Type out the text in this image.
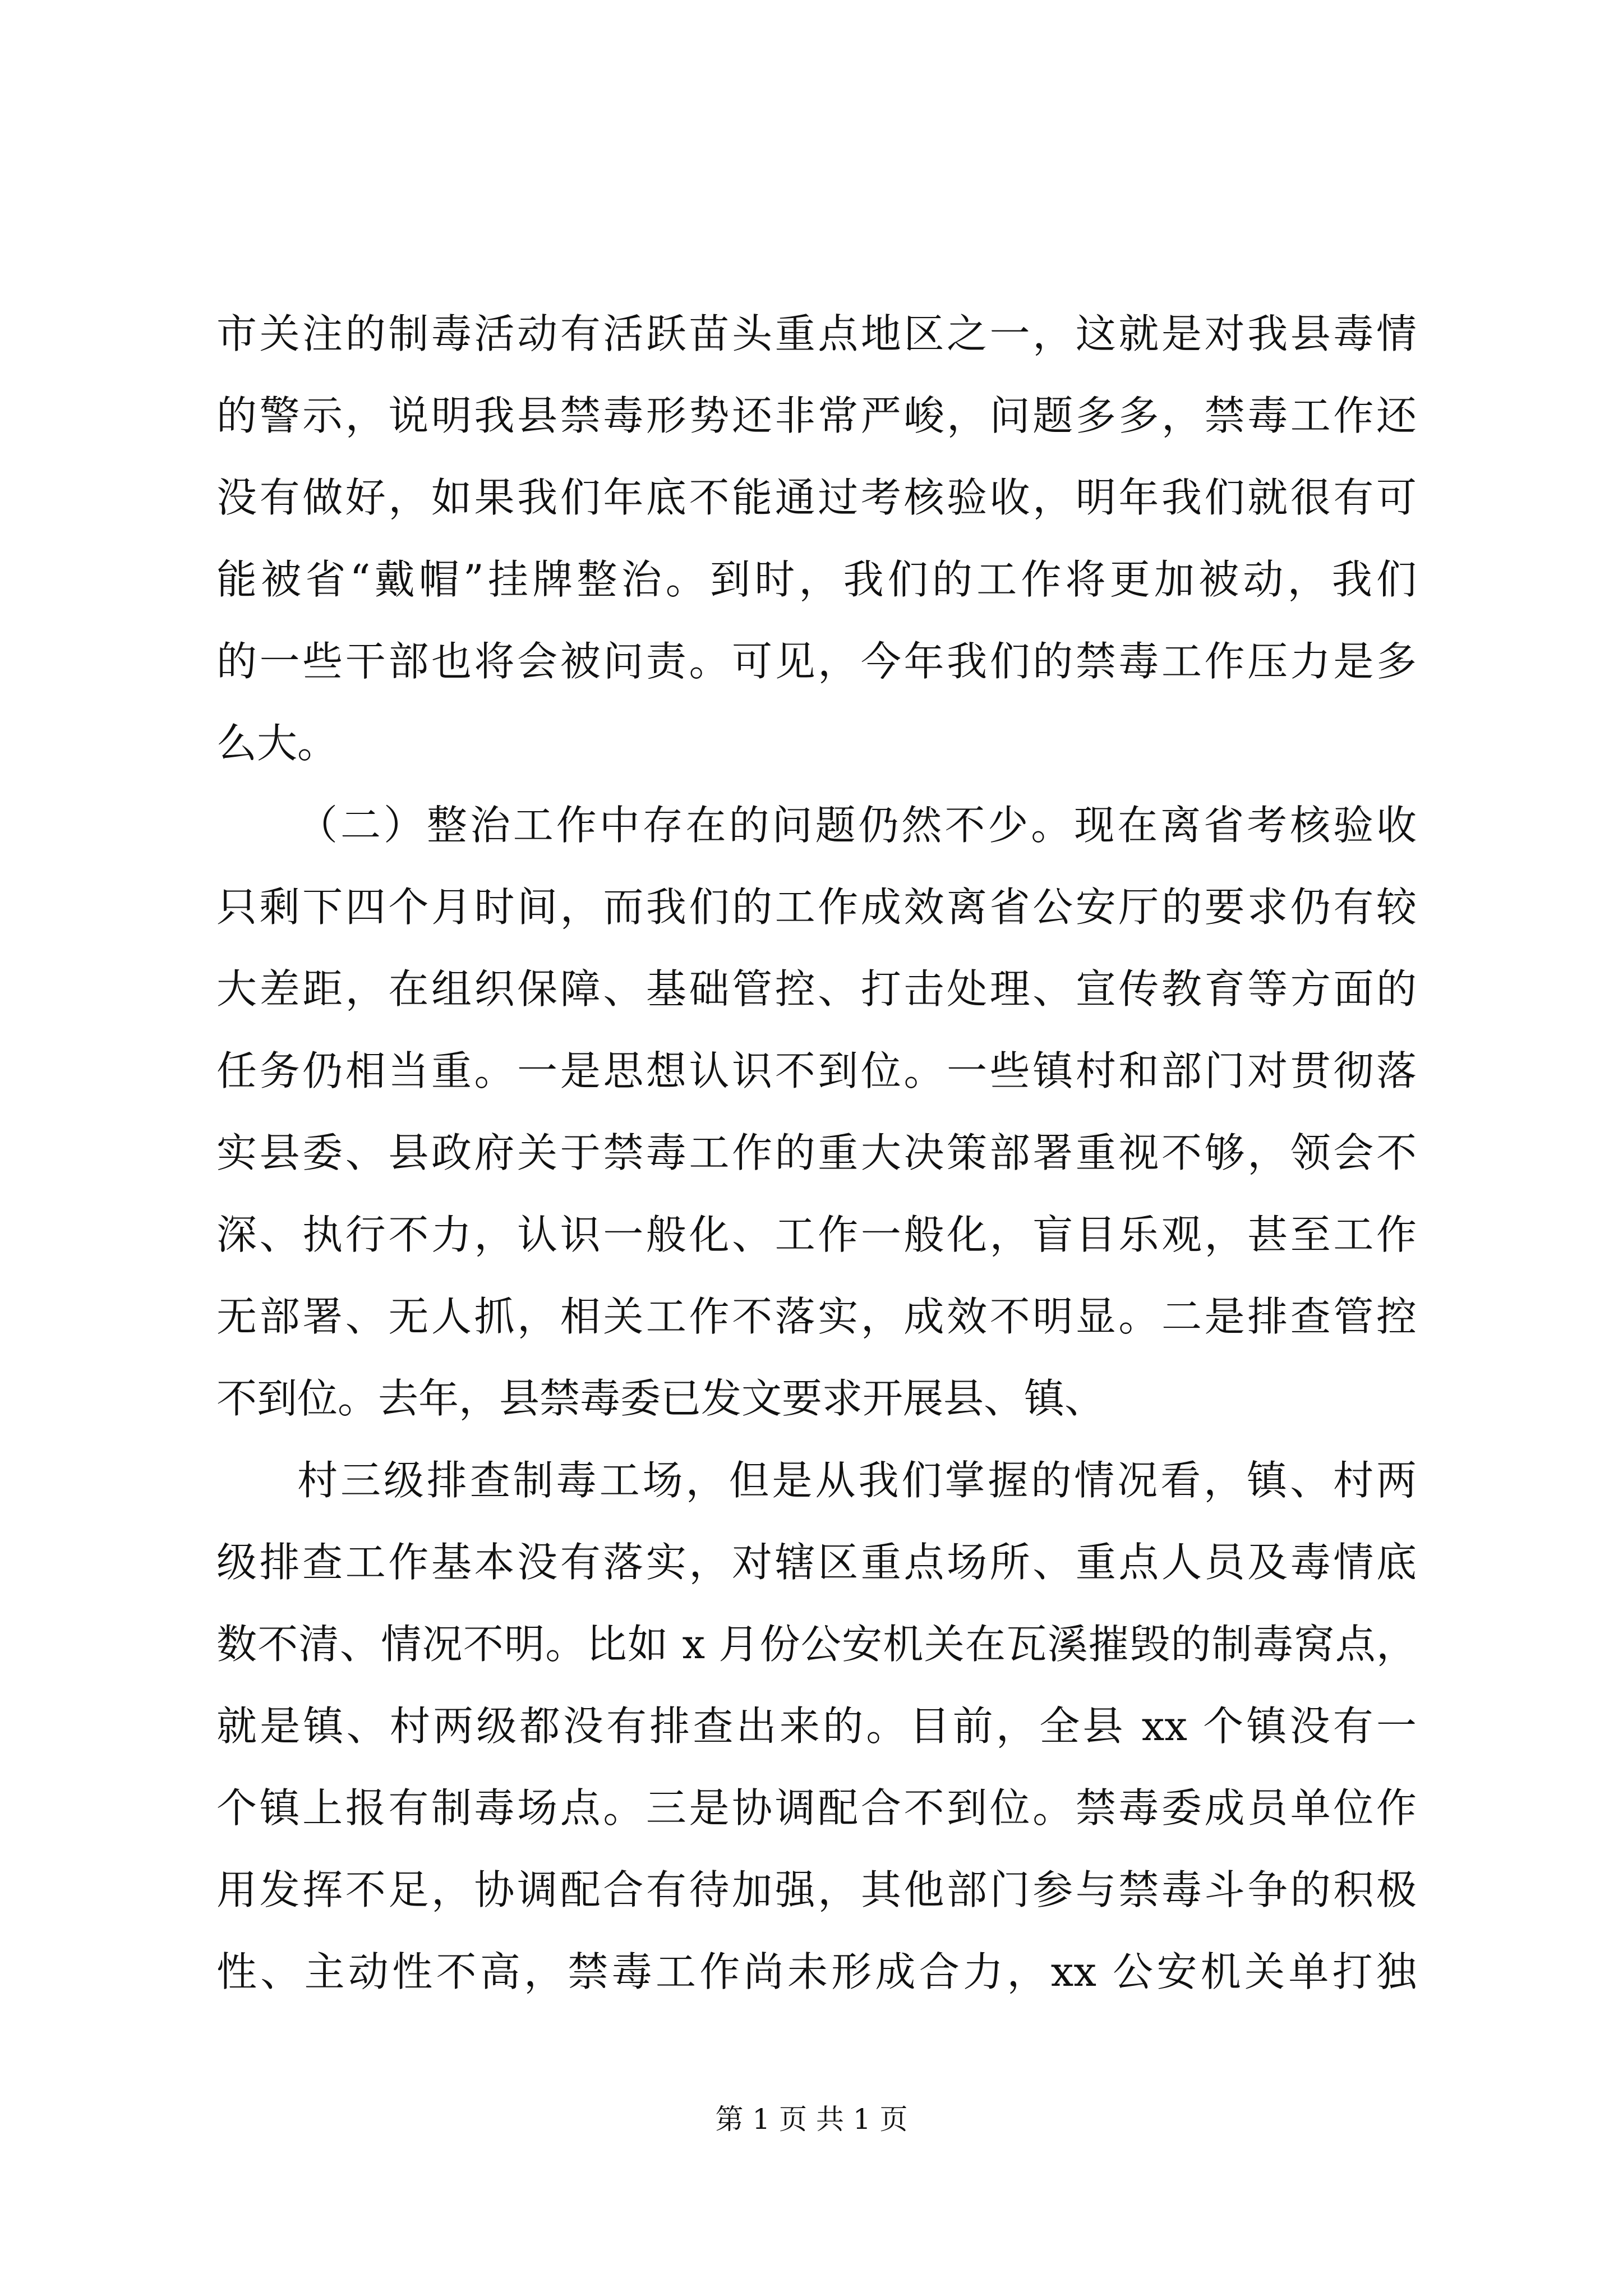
市关注的制毒活动有活跃苗头重点地区之一，这就是对我县毒情
的警示，说明我县禁毒形势还非常严峻，问题多多，禁毒工作还
没有做好，如果我们年底不能通过考核验收，明年我们就很有可
能被省“戴帽”挂牌整治。到时，我们的工作将更加被动，我们
的一些干部也将会被问责。可见，今年我们的禁毒工作压力是多
么大。
（二）整治工作中存在的问题仍然不少。现在离省考核验收
只剩下四个月时间，而我们的工作成效离省公安厅的要求仍有较
大差距，在组织保障、基础管控、打击处理、宣传教育等方面的
任务仍相当重。一是思想认识不到位。一些镇村和部门对贯彻落
实县委、县政府关于禁毒工作的重大决策部署重视不够，领会不
深、执行不力，认识一般化、工作一般化，盲目乐观，甚至工作
无部署、无人抓，相关工作不落实，成效不明显。二是排查管控
不到位。去年，县禁毒委已发文要求开展县、镇、
村三级排查制毒工场，但是从我们掌握的情况看，镇、村两
级排查工作基本没有落实，对辖区重点场所、重点人员及毒情底
数不清、情况不明。比如 x 月份公安机关在瓦溪摧毁的制毒窝点，
就是镇、村两级都没有排查出来的。目前，全县 xx 个镇没有一
个镇上报有制毒场点。三是协调配合不到位。禁毒委成员单位作
用发挥不足，协调配合有待加强，其他部门参与禁毒斗争的积极
性、主动性不高，禁毒工作尚未形成合力，xx 公安机关单打独
第 1 页 共 1 页
